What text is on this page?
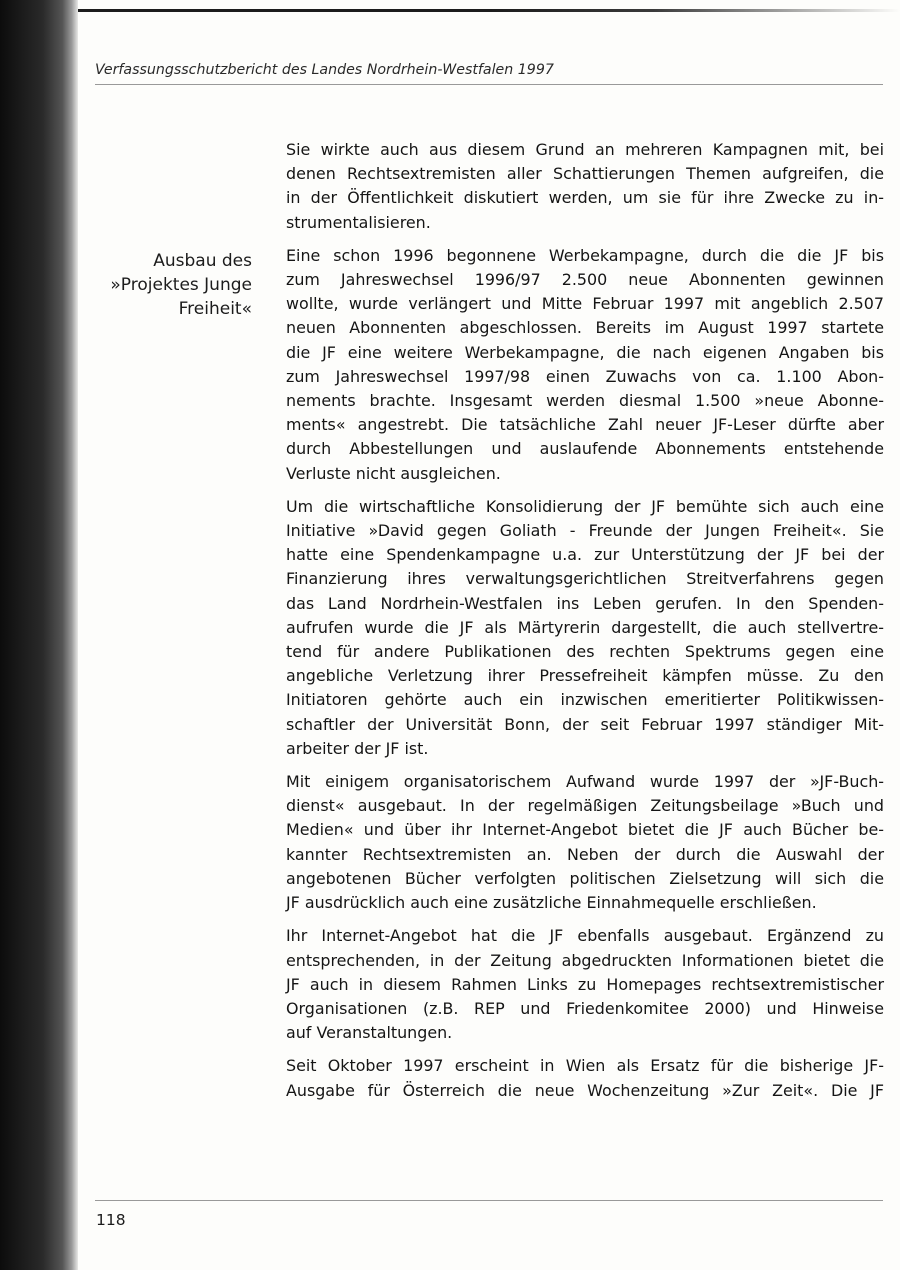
Verfassungsschutzbericht des Landes Nordrhein-Westfalen 1997
Ausbau des
»Projektes Junge
Freiheit«
Sie wirkte auch aus diesem Grund an mehreren Kampagnen mit, bei
denen Rechtsextremisten aller Schattierungen Themen aufgreifen, die
in der Öffentlichkeit diskutiert werden, um sie für ihre Zwecke zu in-
strumentalisieren.
Eine schon 1996 begonnene Werbekampagne, durch die die JF bis
zum Jahreswechsel 1996/97 2.500 neue Abonnenten gewinnen
wollte, wurde verlängert und Mitte Februar 1997 mit angeblich 2.507
neuen Abonnenten abgeschlossen. Bereits im August 1997 startete
die JF eine weitere Werbekampagne, die nach eigenen Angaben bis
zum Jahreswechsel 1997/98 einen Zuwachs von ca. 1.100 Abon-
nements brachte. Insgesamt werden diesmal 1.500 »neue Abonne-
ments« angestrebt. Die tatsächliche Zahl neuer JF-Leser dürfte aber
durch Abbestellungen und auslaufende Abonnements entstehende
Verluste nicht ausgleichen.
Um die wirtschaftliche Konsolidierung der JF bemühte sich auch eine
Initiative »David gegen Goliath - Freunde der Jungen Freiheit«. Sie
hatte eine Spendenkampagne u.a. zur Unterstützung der JF bei der
Finanzierung ihres verwaltungsgerichtlichen Streitverfahrens gegen
das Land Nordrhein-Westfalen ins Leben gerufen. In den Spenden-
aufrufen wurde die JF als Märtyrerin dargestellt, die auch stellvertre-
tend für andere Publikationen des rechten Spektrums gegen eine
angebliche Verletzung ihrer Pressefreiheit kämpfen müsse. Zu den
Initiatoren gehörte auch ein inzwischen emeritierter Politikwissen-
schaftler der Universität Bonn, der seit Februar 1997 ständiger Mit-
arbeiter der JF ist.
Mit einigem organisatorischem Aufwand wurde 1997 der »JF-Buch-
dienst« ausgebaut. In der regelmäßigen Zeitungsbeilage »Buch und
Medien« und über ihr Internet-Angebot bietet die JF auch Bücher be-
kannter Rechtsextremisten an. Neben der durch die Auswahl der
angebotenen Bücher verfolgten politischen Zielsetzung will sich die
JF ausdrücklich auch eine zusätzliche Einnahmequelle erschließen.
Ihr Internet-Angebot hat die JF ebenfalls ausgebaut. Ergänzend zu
entsprechenden, in der Zeitung abgedruckten Informationen bietet die
JF auch in diesem Rahmen Links zu Homepages rechtsextremistischer
Organisationen (z.B. REP und Friedenkomitee 2000) und Hinweise
auf Veranstaltungen.
Seit Oktober 1997 erscheint in Wien als Ersatz für die bisherige JF-
Ausgabe für Österreich die neue Wochenzeitung »Zur Zeit«. Die JF
118
